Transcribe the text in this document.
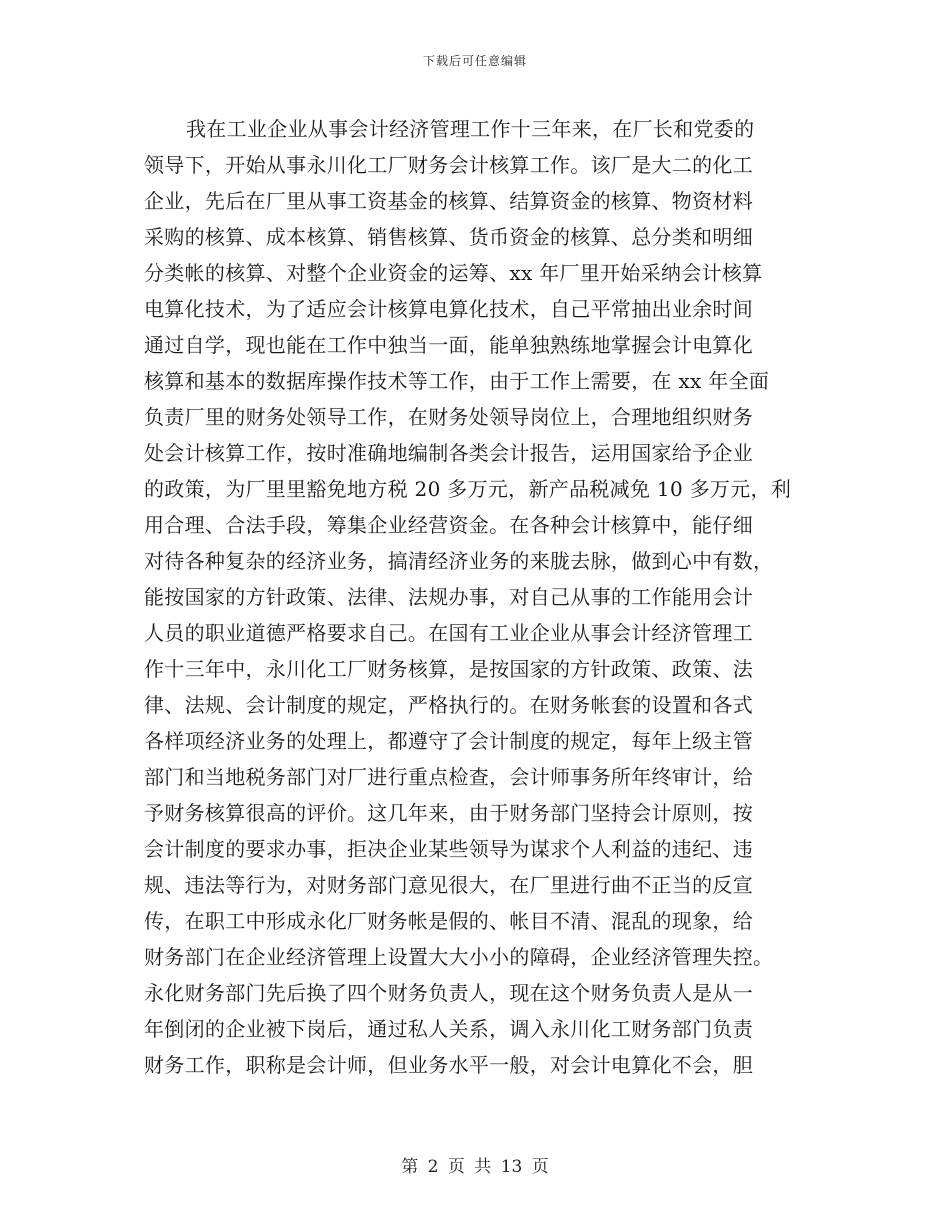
下载后可任意编辑
我在工业企业从事会计经济管理工作十三年来，在厂长和党委的
领导下，开始从事永川化工厂财务会计核算工作。该厂是大二的化工
企业，先后在厂里从事工资基金的核算、结算资金的核算、物资材料
采购的核算、成本核算、销售核算、货币资金的核算、总分类和明细
分类帐的核算、对整个企业资金的运筹、xx 年厂里开始采纳会计核算
电算化技术，为了适应会计核算电算化技术，自己平常抽出业余时间
通过自学，现也能在工作中独当一面，能单独熟练地掌握会计电算化
核算和基本的数据库操作技术等工作，由于工作上需要，在 xx 年全面
负责厂里的财务处领导工作，在财务处领导岗位上，合理地组织财务
处会计核算工作，按时准确地编制各类会计报告，运用国家给予企业
的政策，为厂里里豁免地方税 20 多万元，新产品税减免 10 多万元，利
用合理、合法手段，筹集企业经营资金。在各种会计核算中，能仔细
对待各种复杂的经济业务，搞清经济业务的来胧去脉，做到心中有数，
能按国家的方针政策、法律、法规办事，对自己从事的工作能用会计
人员的职业道德严格要求自己。在国有工业企业从事会计经济管理工
作十三年中，永川化工厂财务核算，是按国家的方针政策、政策、法
律、法规、会计制度的规定，严格执行的。在财务帐套的设置和各式
各样项经济业务的处理上，都遵守了会计制度的规定，每年上级主管
部门和当地税务部门对厂进行重点检查，会计师事务所年终审计，给
予财务核算很高的评价。这几年来，由于财务部门坚持会计原则，按
会计制度的要求办事，拒决企业某些领导为谋求个人利益的违纪、违
规、违法等行为，对财务部门意见很大，在厂里进行曲不正当的反宣
传，在职工中形成永化厂财务帐是假的、帐目不清、混乱的现象，给
财务部门在企业经济管理上设置大大小小的障碍，企业经济管理失控。
永化财务部门先后换了四个财务负责人，现在这个财务负责人是从一
年倒闭的企业被下岗后，通过私人关系，调入永川化工财务部门负责
财务工作，职称是会计师，但业务水平一般，对会计电算化不会，胆
第 2 页 共 13 页
